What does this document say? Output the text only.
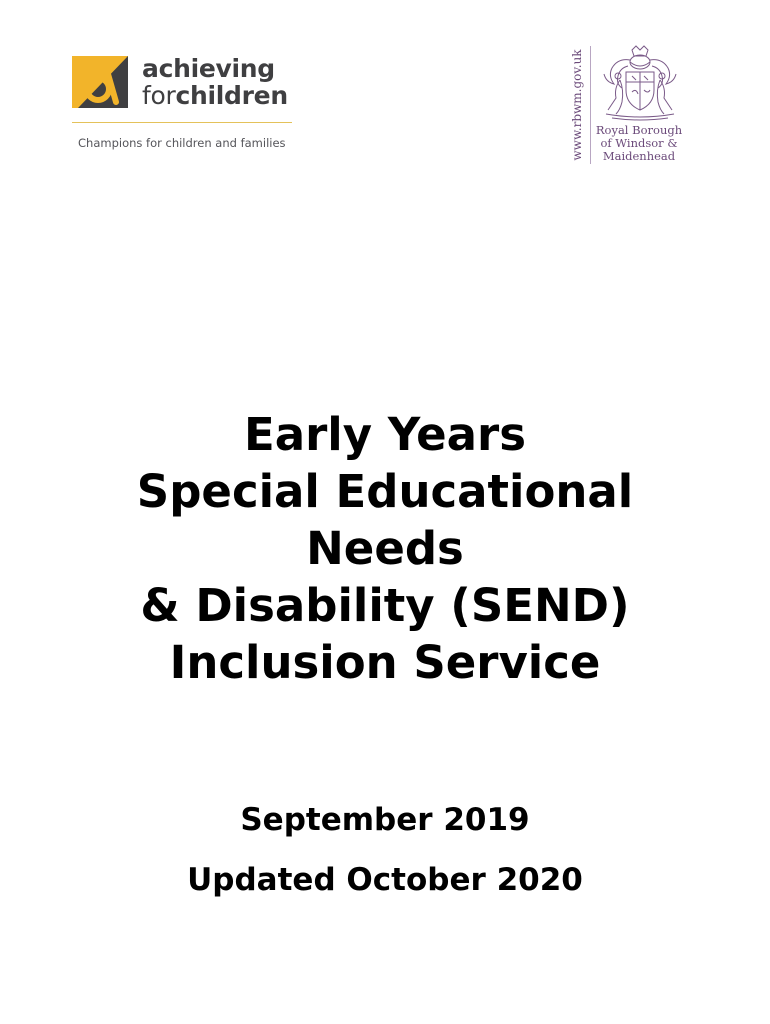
achieving
forchildren
Champions for children and families	www.rbwm.gov.uk Royal Borough
of Windsor &
Maidenhead
Early Years
Special Educational
Needs
& Disability (SEND)
Inclusion Service
September 2019
Updated October 2020
